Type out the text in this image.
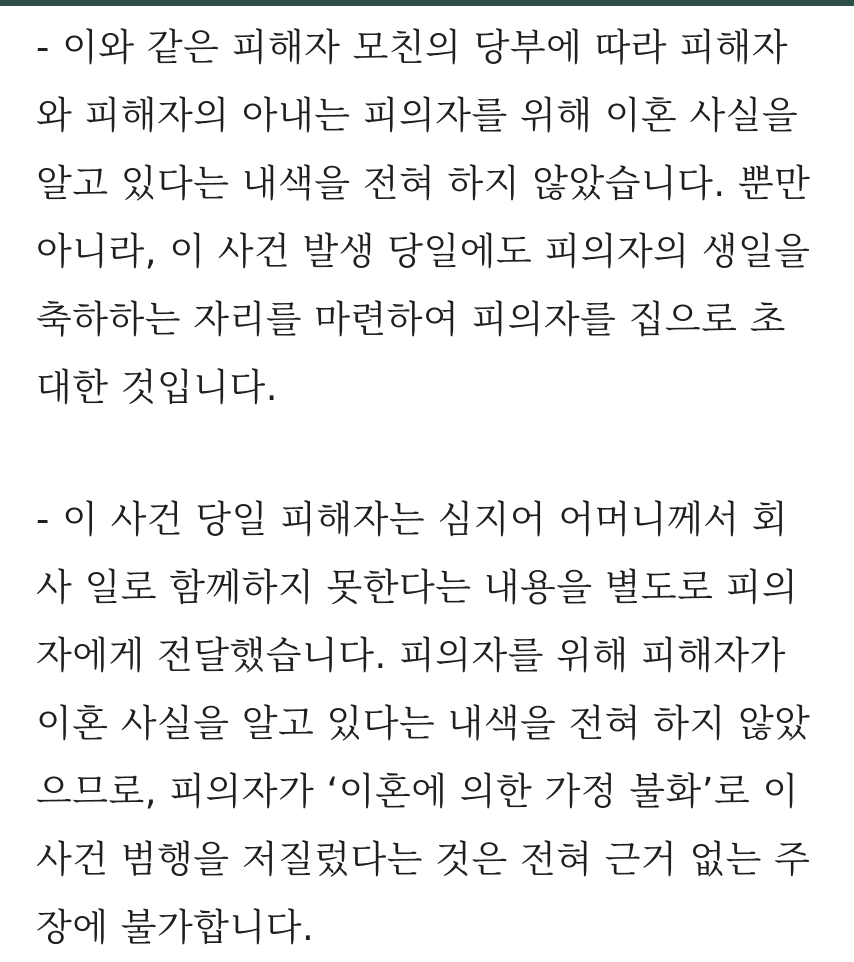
- 이와 같은 피해자 모친의 당부에 따라 피해자
와 피해자의 아내는 피의자를 위해 이혼 사실을
알고 있다는 내색을 전혀 하지 않았습니다. 뿐만
아니라, 이 사건 발생 당일에도 피의자의 생일을
축하하는 자리를 마련하여 피의자를 집으로 초
대한 것입니다.
- 이 사건 당일 피해자는 심지어 어머니께서 회
사 일로 함께하지 못한다는 내용을 별도로 피의
자에게 전달했습니다. 피의자를 위해 피해자가
이혼 사실을 알고 있다는 내색을 전혀 하지 않았
으므로, 피의자가 ‘이혼에 의한 가정 불화’로 이
사건 범행을 저질렀다는 것은 전혀 근거 없는 주
장에 불가합니다.
